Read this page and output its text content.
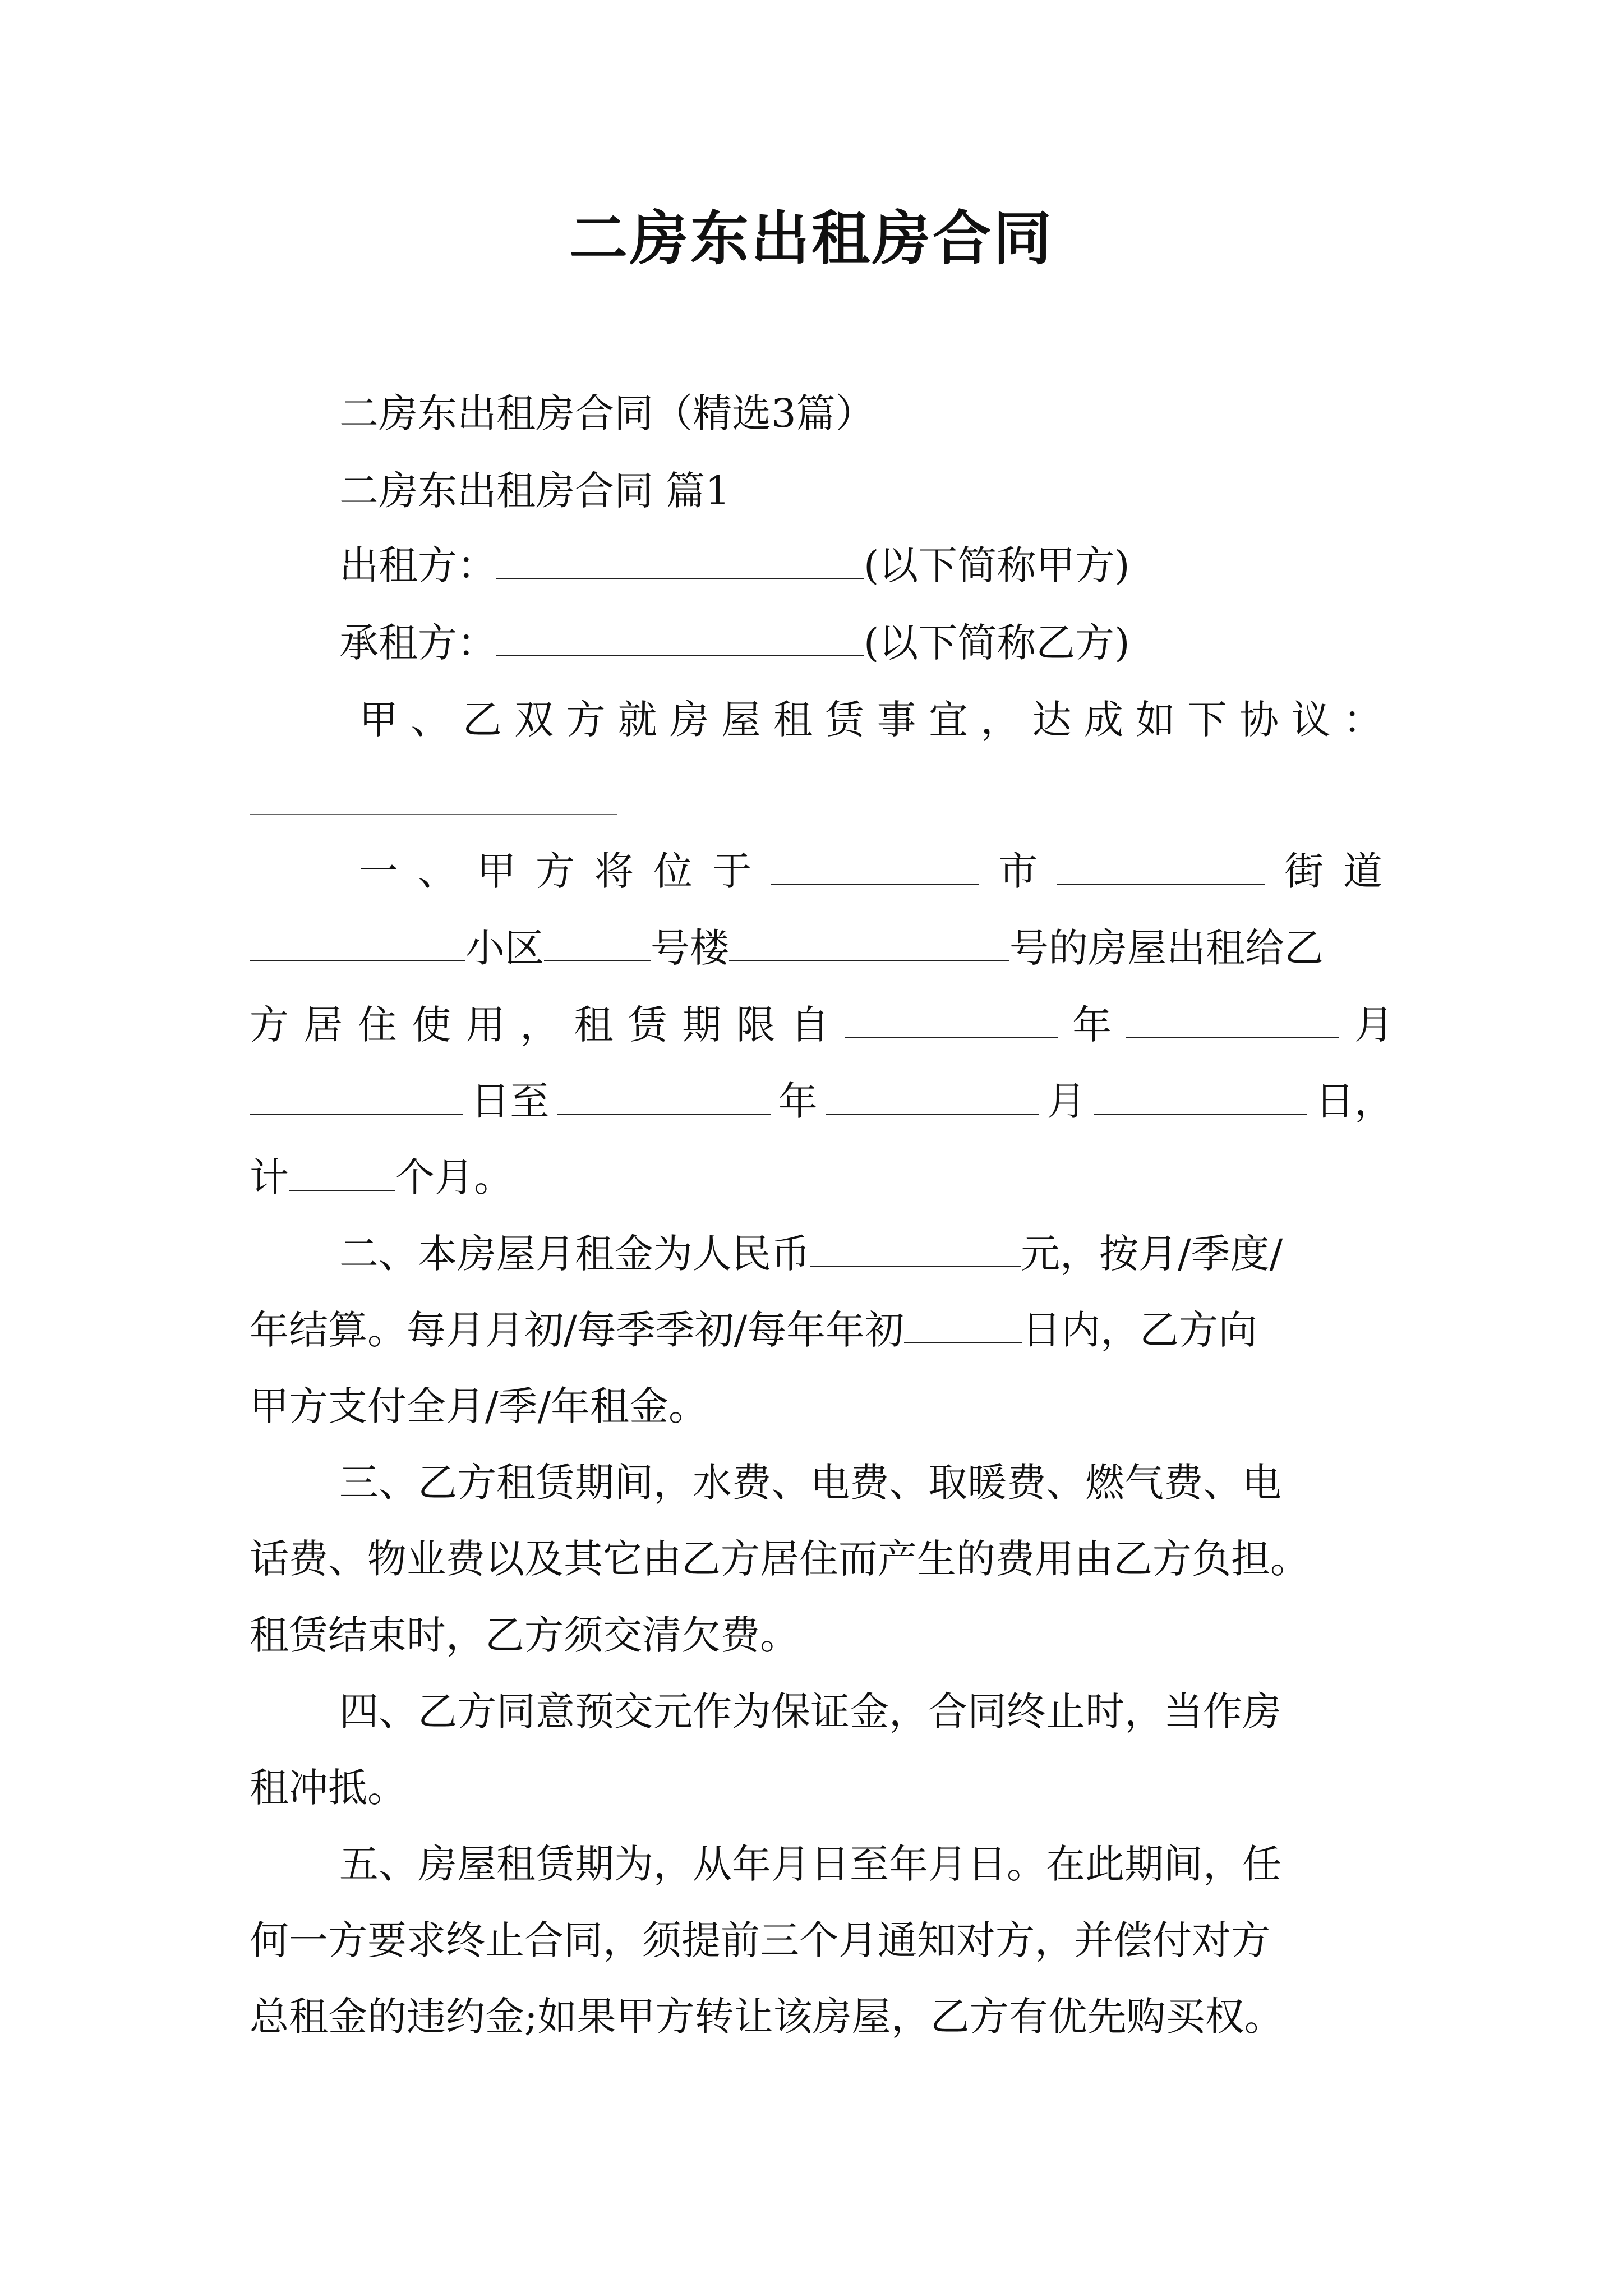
二房东出租房合同
二房东出租房合同（精选3篇）
二房东出租房合同 篇1
出租方：	(以下简称甲方)
承租方：	(以下简称乙方)
甲 、 乙 双 方 就 房 屋 租 赁 事 宜 ， 达 成 如 下 协 议 ：
一 、 甲 方 将 位 于	市	街 道
小区	号楼	号的房屋出租给乙
方 居 住 使 用 ， 租 赁 期 限 自	年	月
日至	年	月	日，
计	个月。
二、本房屋月租金为人民币	元，按月/季度/
年结算。每月月初/每季季初/每年年初	日内，乙方向
甲方支付全月/季/年租金。
三、乙方租赁期间，水费、电费、取暖费、燃气费、电
话费、物业费以及其它由乙方居住而产生的费用由乙方负担。
租赁结束时，乙方须交清欠费。
四、乙方同意预交元作为保证金，合同终止时，当作房
租冲抵。
五、房屋租赁期为，从年月日至年月日。在此期间，任
何一方要求终止合同，须提前三个月通知对方，并偿付对方
总租金的违约金;如果甲方转让该房屋，乙方有优先购买权。
